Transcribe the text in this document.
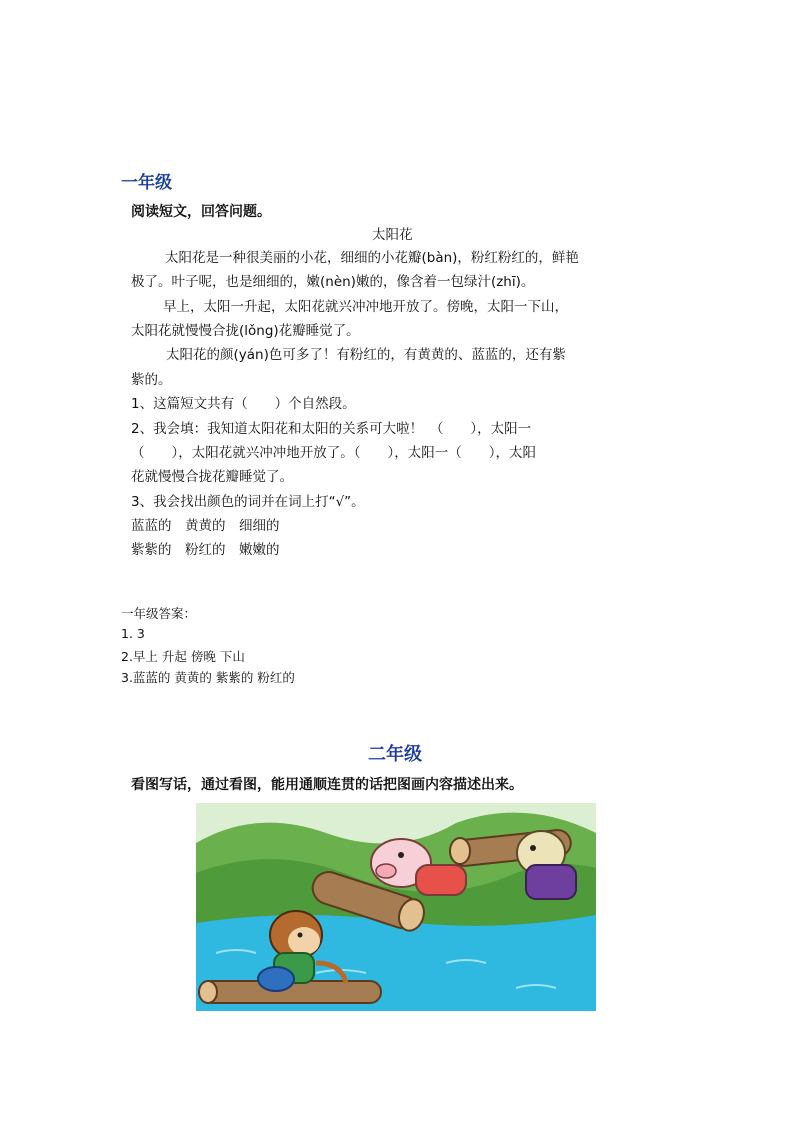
一年级
阅读短文，回答问题。
太阳花
太阳花是一种很美丽的小花，细细的小花瓣(bàn)，粉红粉红的，鲜艳
极了。叶子呢，也是细细的，嫩(nèn)嫩的，像含着一包绿汁(zhī)。
早上，太阳一升起，太阳花就兴冲冲地开放了。傍晚，太阳一下山，
太阳花就慢慢合拢(lǒng)花瓣睡觉了。
太阳花的颜(yán)色可多了！有粉红的，有黄黄的、蓝蓝的，还有紫
紫的。
1、这篇短文共有（　　）个自然段。
2、我会填：我知道太阳花和太阳的关系可大啦！　（　　），太阳一
（　　），太阳花就兴冲冲地开放了。（　　），太阳一（　　），太阳
花就慢慢合拢花瓣睡觉了。
3、我会找出颜色的词并在词上打“√”。
蓝蓝的　黄黄的　细细的
紫紫的　粉红的　嫩嫩的
一年级答案：
1. 3
2.早上 升起 傍晚 下山
3.蓝蓝的 黄黄的 紫紫的 粉红的
二年级
看图写话，通过看图，能用通顺连贯的话把图画内容描述出来。
